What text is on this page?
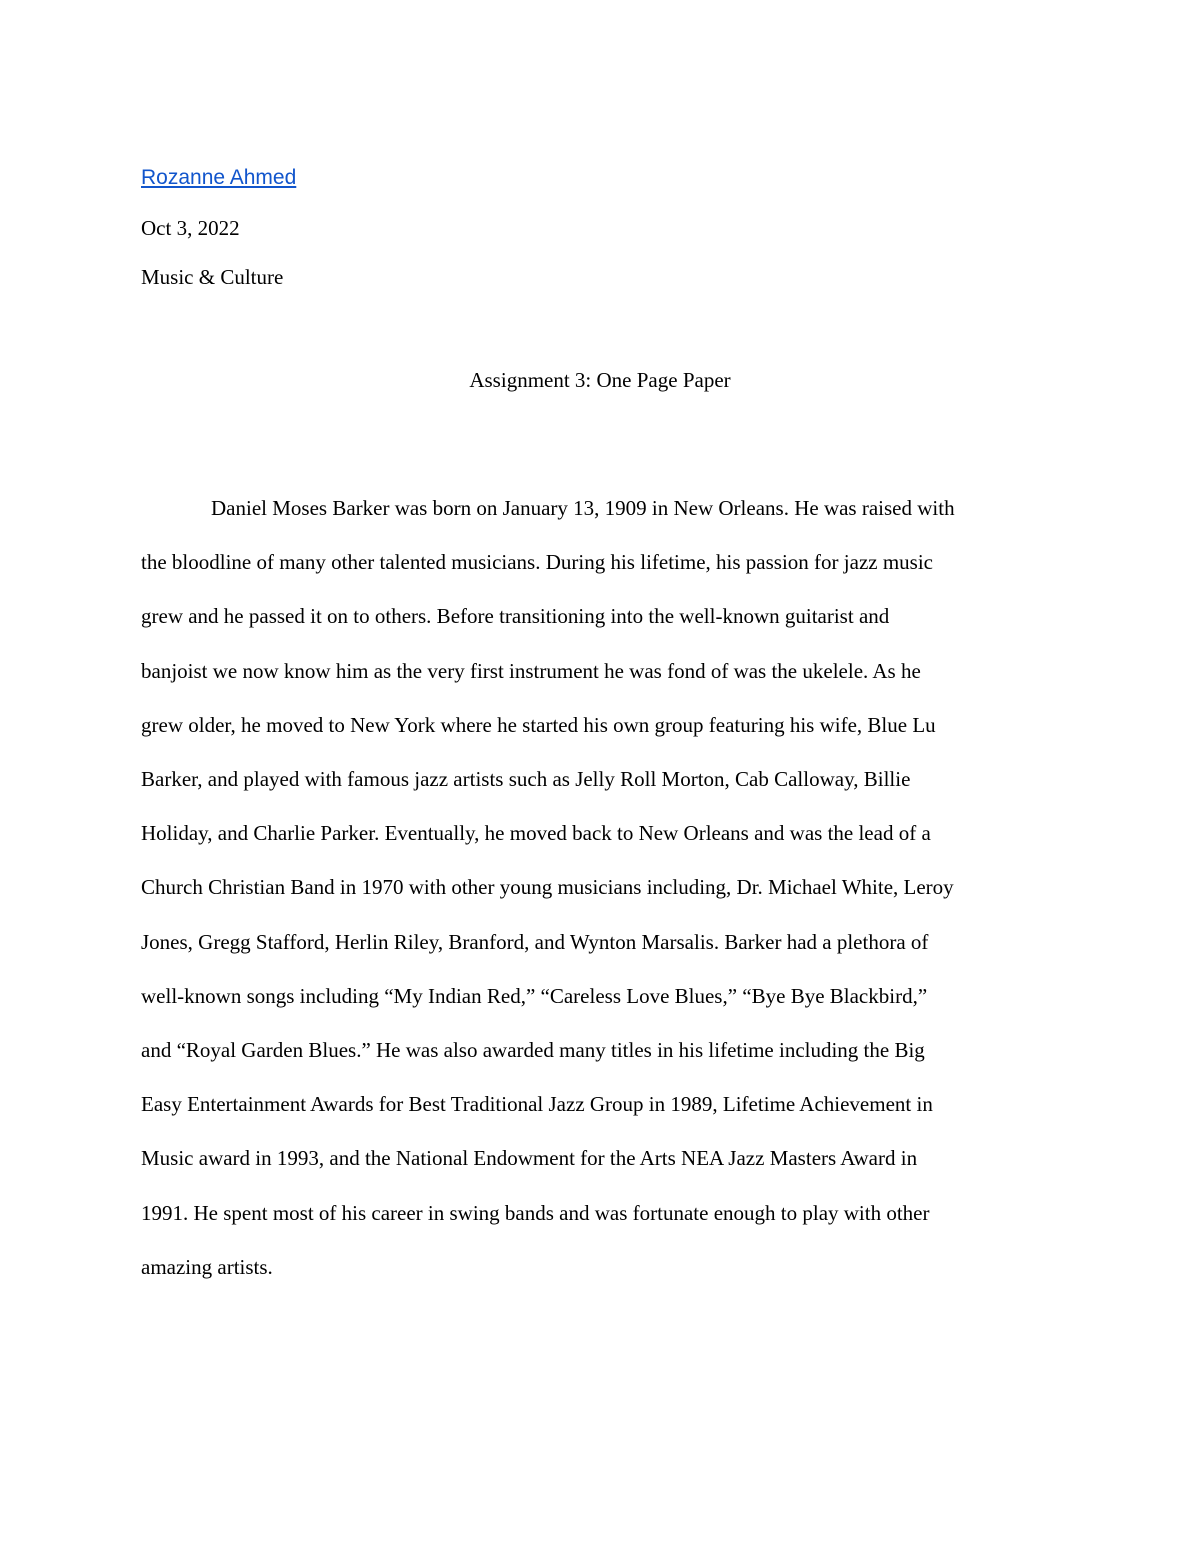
Rozanne Ahmed
Oct 3, 2022
Music & Culture
Assignment 3: One Page Paper
Daniel Moses Barker was born on January 13, 1909 in New Orleans. He was raised with
the bloodline of many other talented musicians. During his lifetime, his passion for jazz music
grew and he passed it on to others. Before transitioning into the well-known guitarist and
banjoist we now know him as the very first instrument he was fond of was the ukelele. As he
grew older, he moved to New York where he started his own group featuring his wife, Blue Lu
Barker, and played with famous jazz artists such as Jelly Roll Morton, Cab Calloway, Billie
Holiday, and Charlie Parker. Eventually, he moved back to New Orleans and was the lead of a
Church Christian Band in 1970 with other young musicians including, Dr. Michael White, Leroy
Jones, Gregg Stafford, Herlin Riley, Branford, and Wynton Marsalis. Barker had a plethora of
well-known songs including “My Indian Red,” “Careless Love Blues,” “Bye Bye Blackbird,”
and “Royal Garden Blues.” He was also awarded many titles in his lifetime including the Big
Easy Entertainment Awards for Best Traditional Jazz Group in 1989, Lifetime Achievement in
Music award in 1993, and the National Endowment for the Arts NEA Jazz Masters Award in
1991. He spent most of his career in swing bands and was fortunate enough to play with other
amazing artists.
